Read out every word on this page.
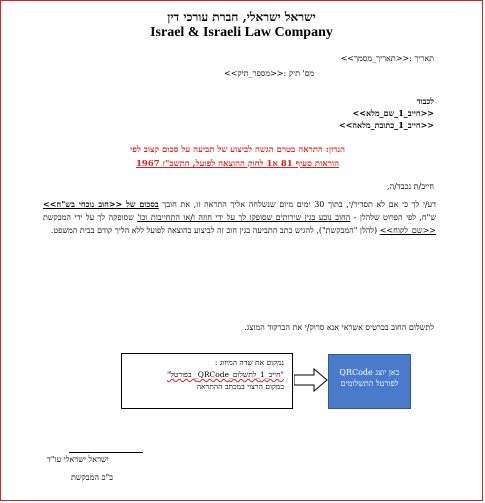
ישראל ישראלי, חברת עורכי דין
Israel & Israeli Law Company
תאריך :<<תאריך_מסמך>>
מס' תיק :<<מספר_תיק>>
לכבוד
<<חייב_1_שם_מלא>>
<<חייב_1_כתובת_מלאה>>
הנדון: התראה בטרם הגשה לביצוע של תביעה על סכום קצוב לפי
הוראות סעיף 81 א1 לחוק ההוצאה לפועל, התשכ"ז 1967
חייב/ת נכבד/ה,
דע/י לך כי אם לא תסדיר/י, בתוך 30 ימים מיום שנשלחה אליך התראה זו, את חובך בסכום של <<חוב_נוכחי_בש"ח>> ש"ח, לפי הפרוט שלהלן - החוב נובע בגין שירותים שסופקו לך על ידי חוזה ו/או התחייבות וכו' שסופקה לך על ידי המבקשת <<שם_לקוח>> (להלן "המבקשת"), להגיש כתב התביעה בגין חוב זה לביצוע בהוצאה לפועל ללא הליך קודם בבית המשפט.
לתשלום החוב בכרטיס אשראי אנא סרוק/י את הברקוד המוצג.
נמקום את שדה המיזוג :
"חייב_1_לתשלום_QRCode_ בפורטל"
במקום הרצוי במכתב ההתראה
כאן יוצג QRCode
לפורטל התשלומים
ישראל ישראלי עו"ד
ב"כ המבקשת
